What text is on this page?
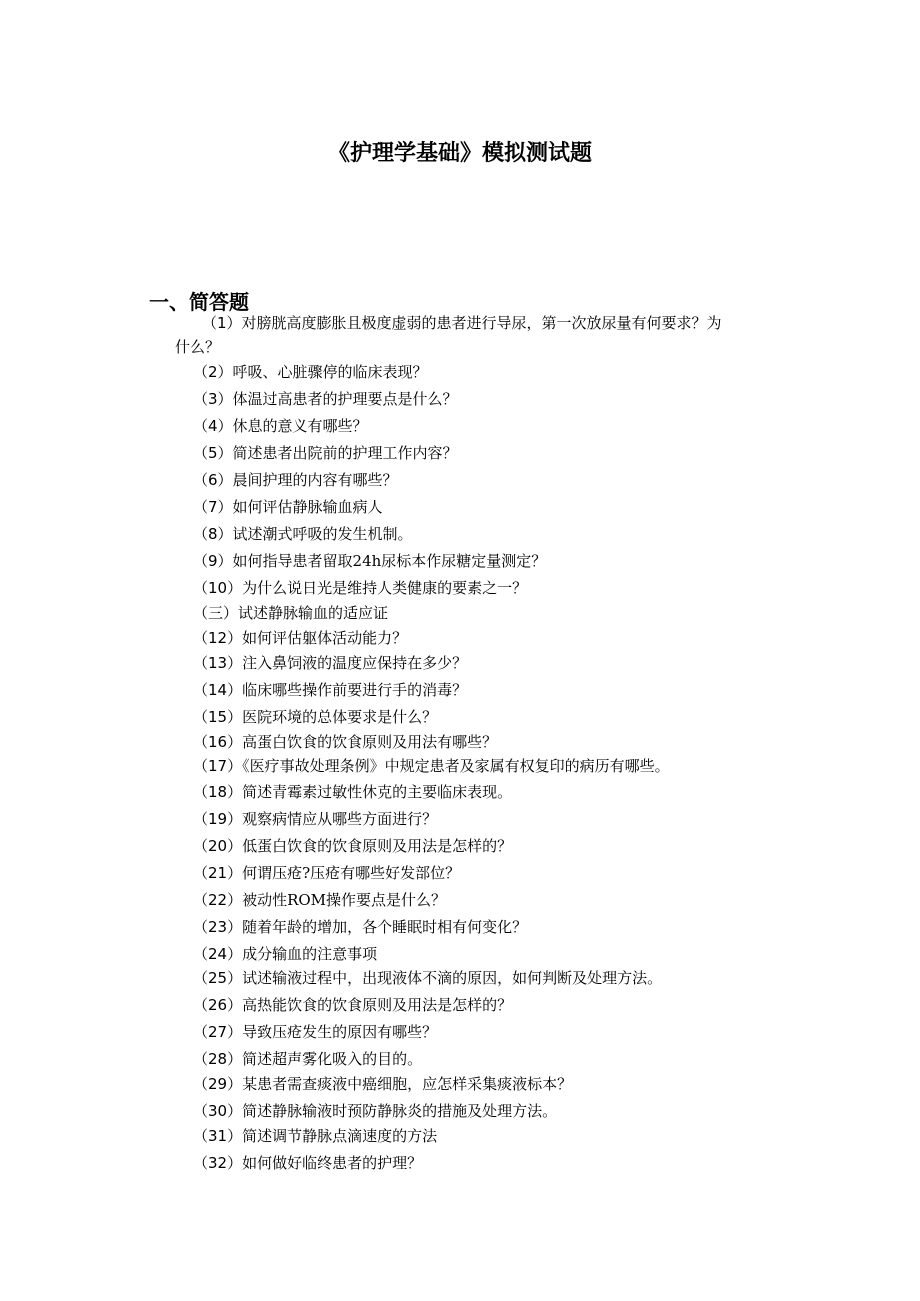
《护理学基础》模拟测试题
一、简答题
（1）对膀胱高度膨胀且极度虚弱的患者进行导尿，第一次放尿量有何要求？为什么？
（2）呼吸、心脏骤停的临床表现？
（3）体温过高患者的护理要点是什么？
（4）休息的意义有哪些？
（5）简述患者出院前的护理工作内容？
（6）晨间护理的内容有哪些？
（7）如何评估静脉输血病人
（8）试述潮式呼吸的发生机制。
（9）如何指导患者留取24h尿标本作尿糖定量测定？
（10）为什么说日光是维持人类健康的要素之一？
（三）试述静脉输血的适应证
（12）如何评估躯体活动能力？
（13）注入鼻饲液的温度应保持在多少？
（14）临床哪些操作前要进行手的消毒？
（15）医院环境的总体要求是什么？
（16）高蛋白饮食的饮食原则及用法有哪些？
（17）《医疗事故处理条例》中规定患者及家属有权复印的病历有哪些。
（18）简述青霉素过敏性休克的主要临床表现。
（19）观察病情应从哪些方面进行？
（20）低蛋白饮食的饮食原则及用法是怎样的？
（21）何谓压疮?压疮有哪些好发部位？
（22）被动性ROM操作要点是什么？
（23）随着年龄的增加，各个睡眠时相有何变化？
（24）成分输血的注意事项
（25）试述输液过程中，出现液体不滴的原因，如何判断及处理方法。
（26）高热能饮食的饮食原则及用法是怎样的？
（27）导致压疮发生的原因有哪些？
（28）简述超声雾化吸入的目的。
（29）某患者需查痰液中癌细胞，应怎样采集痰液标本？
（30）简述静脉输液时预防静脉炎的措施及处理方法。
（31）简述调节静脉点滴速度的方法
（32）如何做好临终患者的护理？
